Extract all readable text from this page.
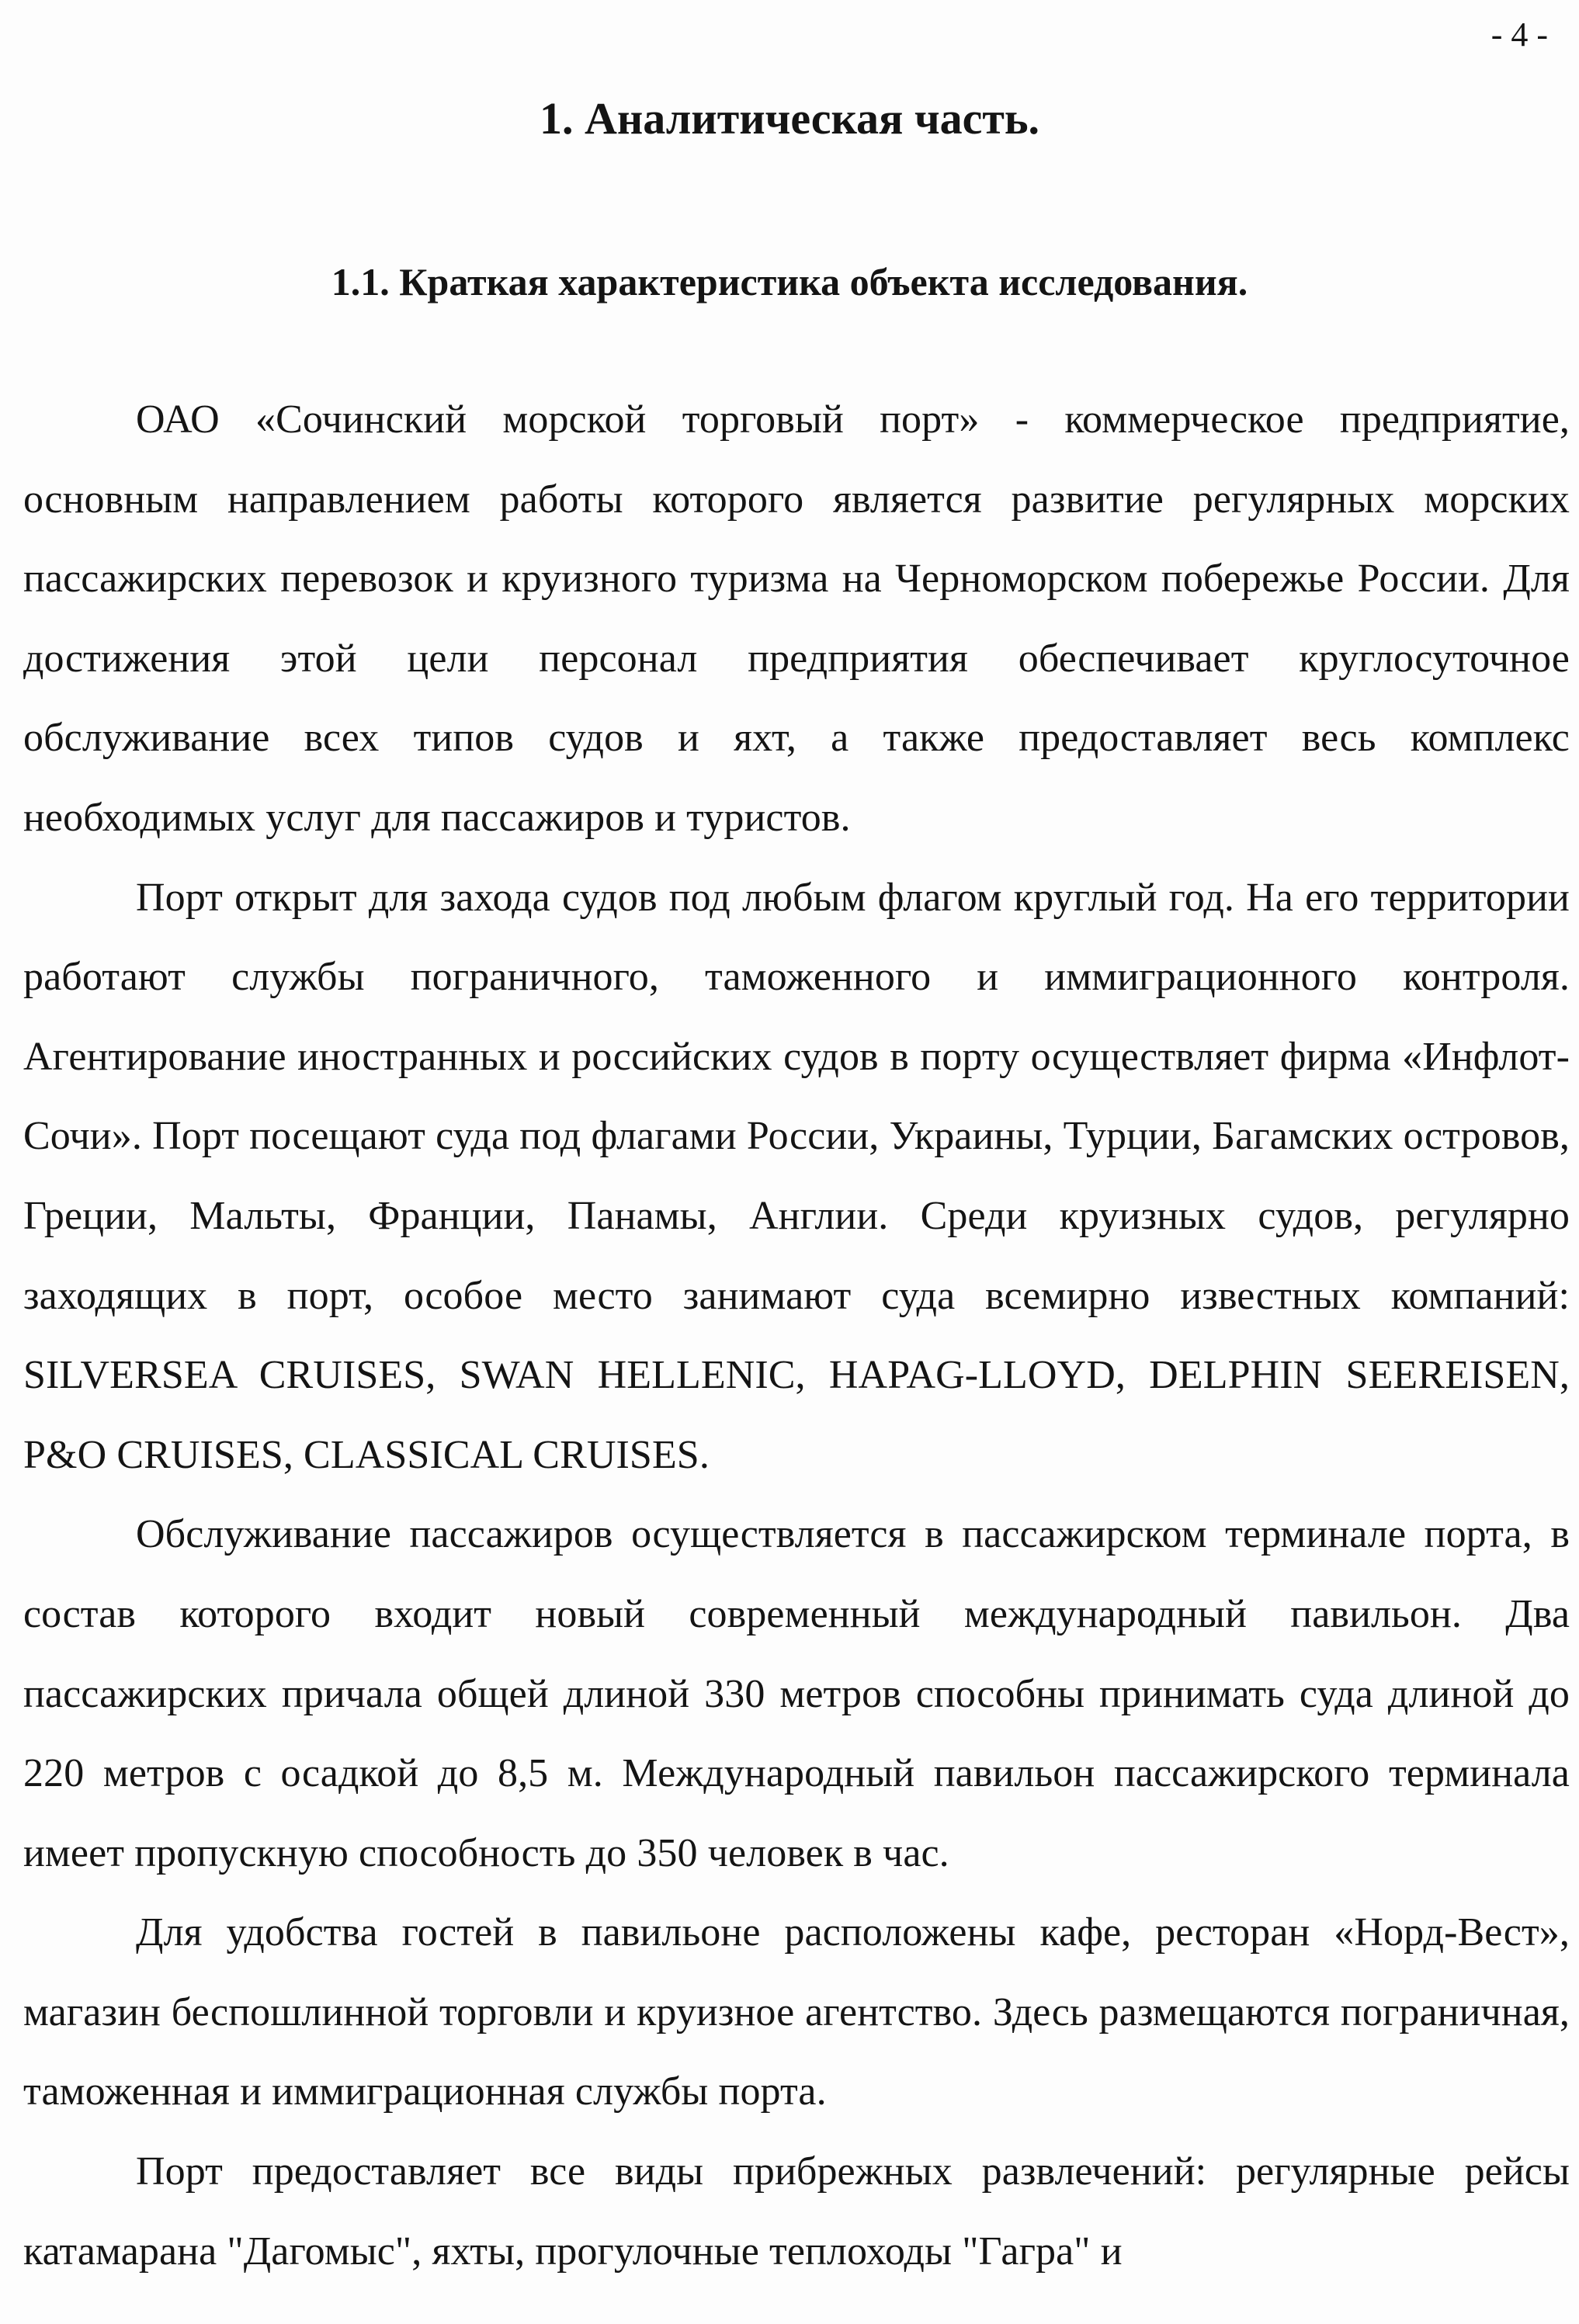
- 4 -
1. Аналитическая часть.
1.1. Краткая характеристика объекта исследования.

ОАО «Сочинский морской торговый порт» - коммерческое предприятие, основным направлением работы которого является развитие регулярных морских пассажирских перевозок и круизного туризма на Черноморском побережье России. Для достижения этой цели персонал предприятия обеспечивает круглосуточное обслуживание всех типов судов и яхт, а также предоставляет весь комплекс необходимых услуг для пассажиров и туристов.

Порт открыт для захода судов под любым флагом круглый год. На его территории работают службы пограничного, таможенного и иммиграционного контроля. Агентирование иностранных и российских судов в порту осуществляет фирма «Инфлот-Сочи». Порт посещают суда под флагами России, Украины, Турции, Багамских островов, Греции, Мальты, Франции, Панамы, Англии. Среди круизных судов, регулярно заходящих в порт, особое место занимают суда всемирно известных компаний: SILVERSEA CRUISES, SWAN HELLENIC, HAPAG-LLOYD, DELPHIN SEEREISEN, P&O CRUISES, CLASSICAL CRUISES.

Обслуживание пассажиров осуществляется в пассажирском терминале порта, в состав которого входит новый современный международный павильон. Два пассажирских причала общей длиной 330 метров способны принимать суда длиной до 220 метров с осадкой до 8,5 м. Международный павильон пассажирского терминала имеет пропускную способность до 350 человек в час.

Для удобства гостей в павильоне расположены кафе, ресторан «Норд-Вест», магазин беспошлинной торговли и круизное агентство. Здесь размещаются пограничная, таможенная и иммиграционная службы порта.

Порт предоставляет все виды прибрежных развлечений: регулярные рейсы катамарана "Дагомыс", яхты, прогулочные теплоходы "Гагра" и
